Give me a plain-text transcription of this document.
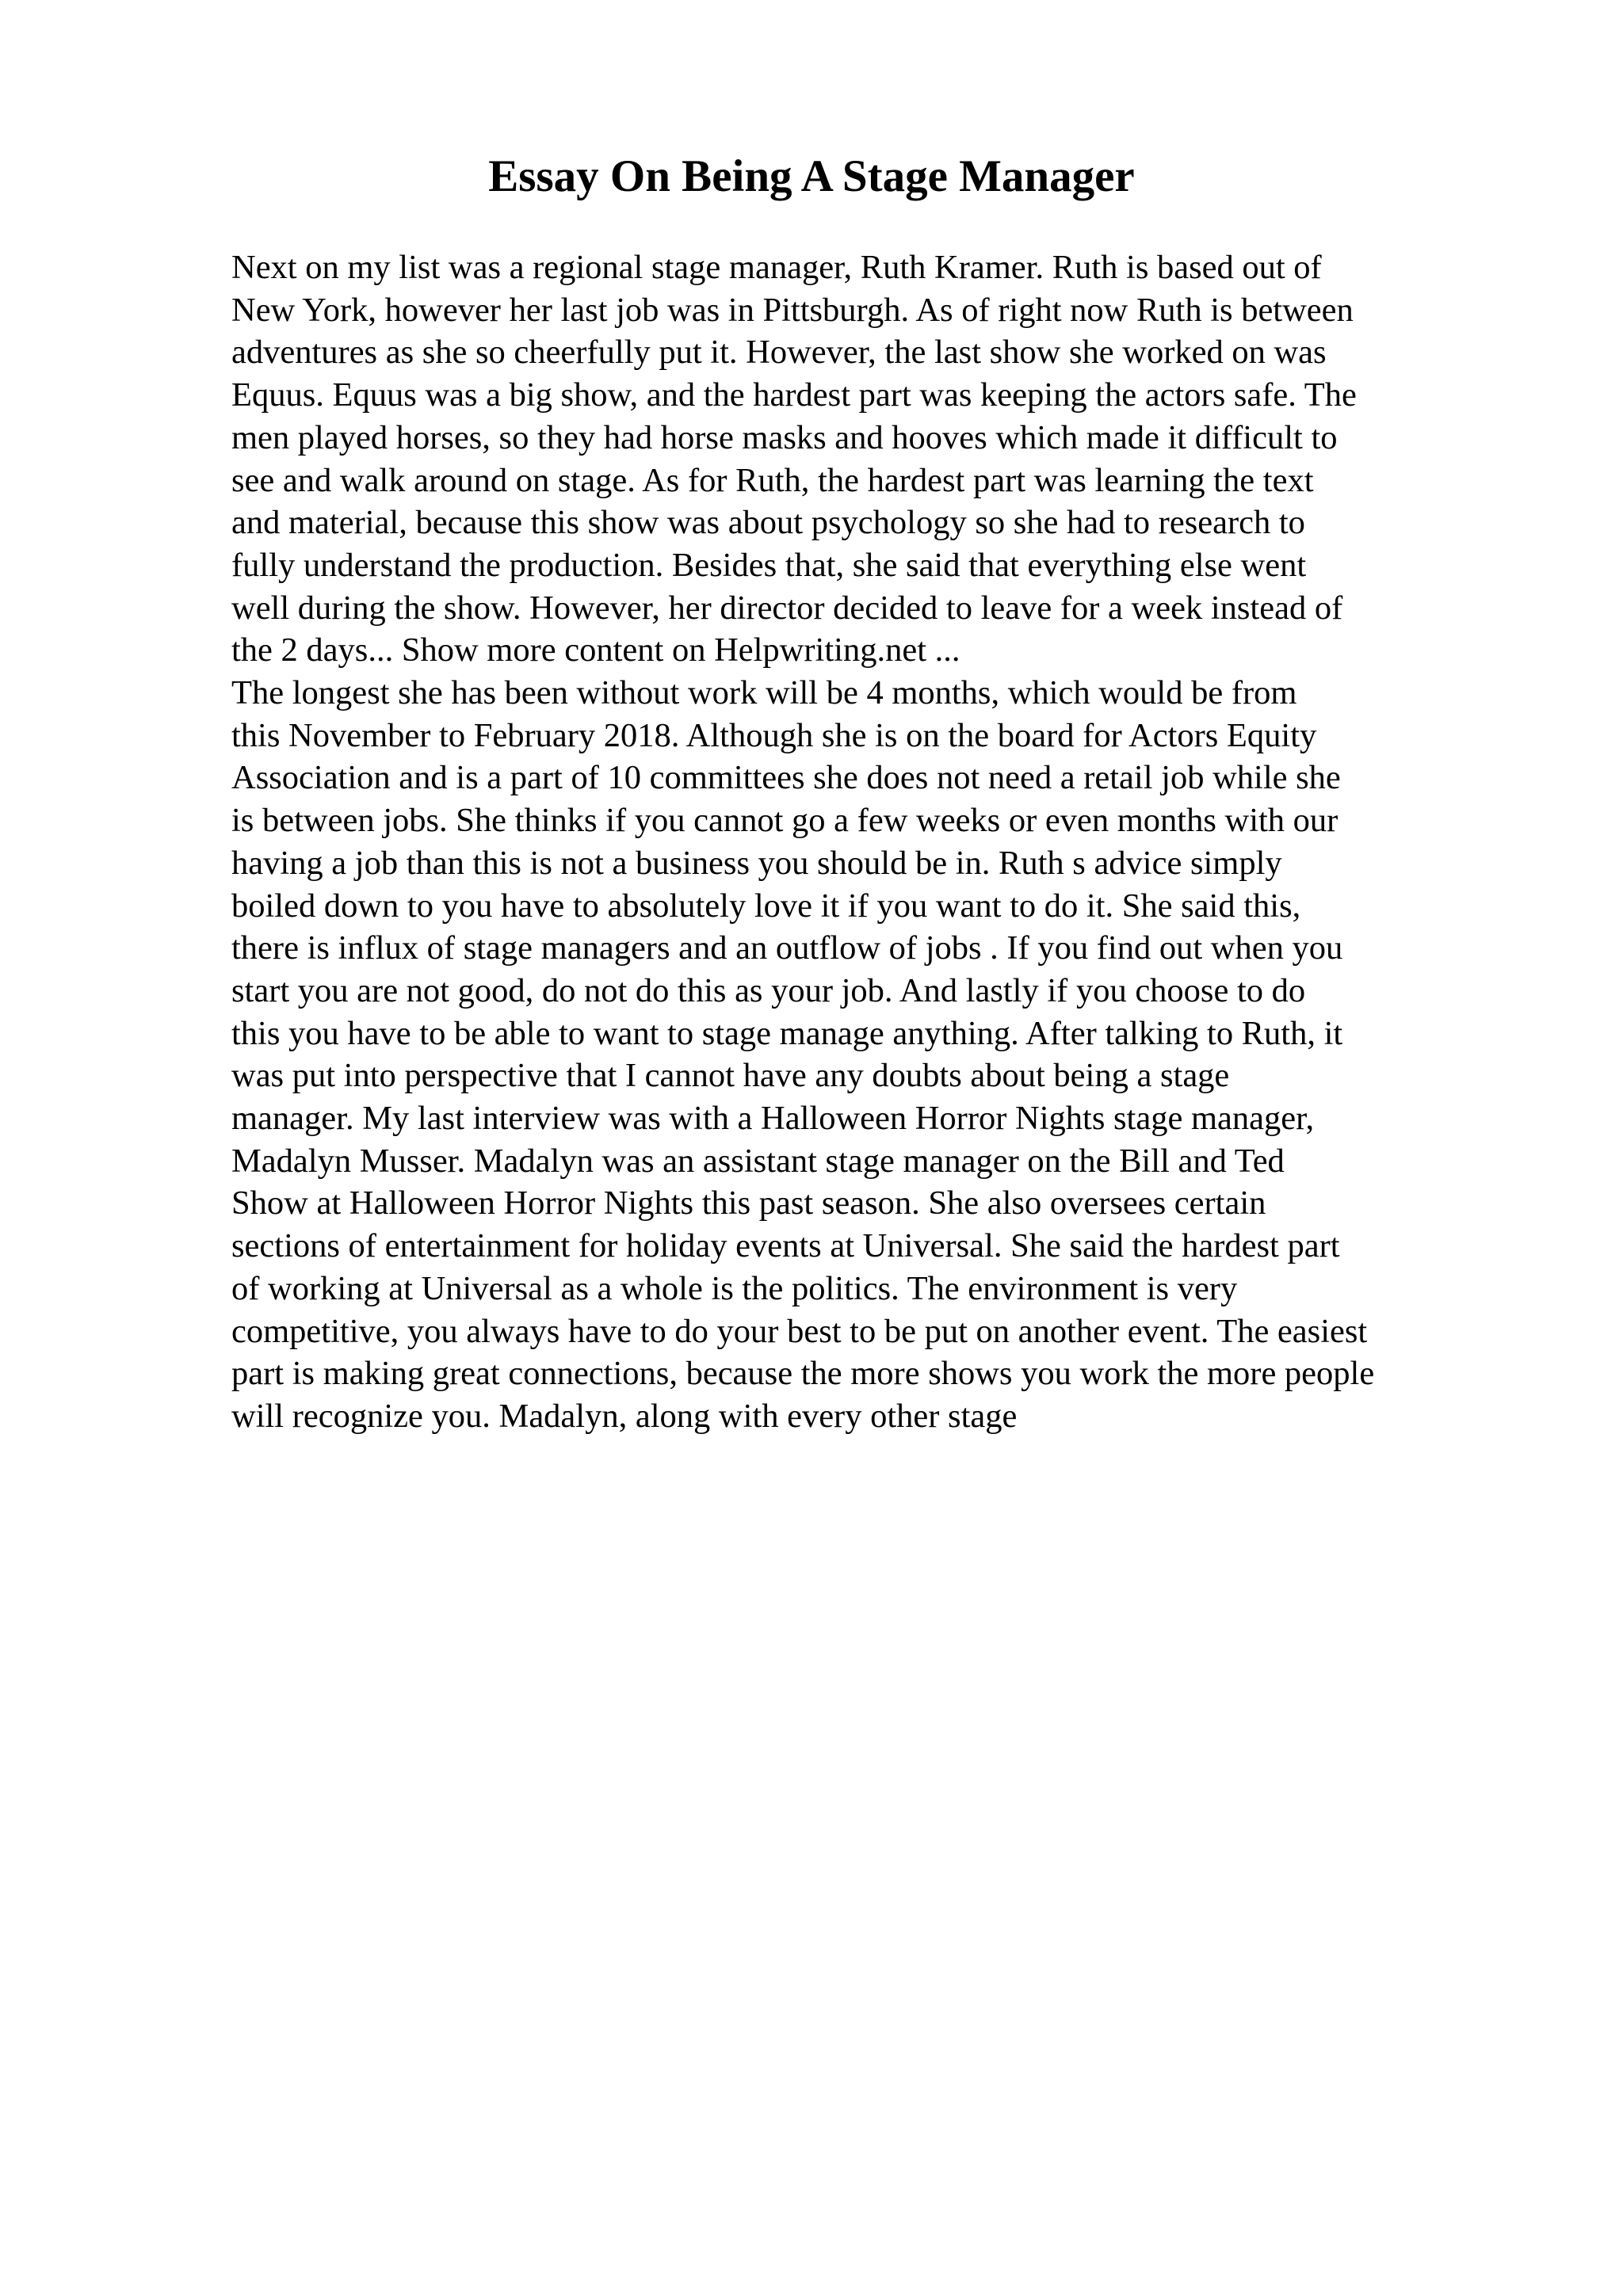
Essay On Being A Stage Manager
Next on my list was a regional stage manager, Ruth Kramer. Ruth is based out of
New York, however her last job was in Pittsburgh. As of right now Ruth is between
adventures as she so cheerfully put it. However, the last show she worked on was
Equus. Equus was a big show, and the hardest part was keeping the actors safe. The
men played horses, so they had horse masks and hooves which made it difficult to
see and walk around on stage. As for Ruth, the hardest part was learning the text
and material, because this show was about psychology so she had to research to
fully understand the production. Besides that, she said that everything else went
well during the show. However, her director decided to leave for a week instead of
the 2 days... Show more content on Helpwriting.net ...
The longest she has been without work will be 4 months, which would be from
this November to February 2018. Although she is on the board for Actors Equity
Association and is a part of 10 committees she does not need a retail job while she
is between jobs. She thinks if you cannot go a few weeks or even months with our
having a job than this is not a business you should be in. Ruth s advice simply
boiled down to you have to absolutely love it if you want to do it. She said this,
there is influx of stage managers and an outflow of jobs . If you find out when you
start you are not good, do not do this as your job. And lastly if you choose to do
this you have to be able to want to stage manage anything. After talking to Ruth, it
was put into perspective that I cannot have any doubts about being a stage
manager. My last interview was with a Halloween Horror Nights stage manager,
Madalyn Musser. Madalyn was an assistant stage manager on the Bill and Ted
Show at Halloween Horror Nights this past season. She also oversees certain
sections of entertainment for holiday events at Universal. She said the hardest part
of working at Universal as a whole is the politics. The environment is very
competitive, you always have to do your best to be put on another event. The easiest
part is making great connections, because the more shows you work the more people
will recognize you. Madalyn, along with every other stage
